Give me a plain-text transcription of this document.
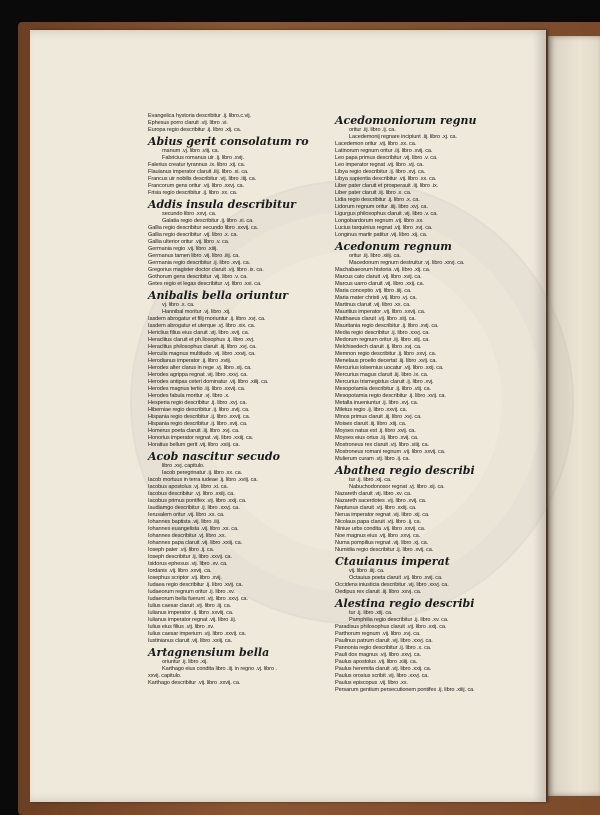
Evangelica hystoria describitur .ij. libro.c.vij.
Ephesus porro claruit .vij. libro .vi.
Europa regio describitur .ij. libro .xij. ca.
Abius gerit consolatum ro
manum .vj. libro .viij. ca.
Fabricius romanus uir .ij. libro .xvij.
Falerius creatur tyrannus .ix. libro .xij. ca.
Flauianus imperator claruit .iiij. libro .xi. ca.
Francus uir nobilis describitur .vij. libro .iiij. ca.
Francorum gens oritur .vij. libro .xxvj. ca.
Frisia regio describitur .ij. libro .xx. ca.
Addis insula describitur
secundo libro .xxvj. ca.
Galatia regio describitur .ij. libro .xi. ca.
Gallia regio describitur secundo libro .xxvij. ca.
Gallia regio describitur .vij. libro .x. ca.
Gallia ulterior oritur .vij. libro .v. ca.
Germania regio .vij. libro .xiiij.
Germanus tamen libro .vij. libro .iiij. ca.
Germania regio describitur .ij. libro .xvij. ca.
Gregorius magister doctor claruit .vij. libro .ix. ca.
Gothorum gens describitur .vij. libro .v. ca.
Getes regio et legas describitur .vj. libro .xxi. ca.
Anibalis bella oriuntur
vj. libro .x. ca.
Hannibal moritur .vj. libro .xij.
Iasdem abrogatur et filij moriuntur .ij. libro .xvj. ca.
Iasdem abrogatur et uterque .vj. libro .xix. ca.
Hericlius filius eius claruit .vij. libro .xvij. ca.
Heraclitus claruit et ph.llosophus .ij. libro .xvj.
Heraclitus philosophus claruit .iij. libro .xvj. ca.
Herculis magnus multitudo .vij. libro .xxvij. ca.
Herodianus imperator .ij. libro .xviij.
Herodes alter clarus in rege .vj. libro .xij. ca.
Herodes agrippa regnat .vij. libro .xxvj. ca.
Herodes antipas ceteri dominatur .vij. libro .xiiij. ca.
Herodes magnus tertio .iij. libro .xxvij. ca.
Herodes fabula moritur .vj. libro .x.
Hesperia regio describitur .ij. libro .xvj. ca.
Hiberniae regio describitur .ij. libro .xvij. ca.
Hispania regio describitur .ij. libro .xxvij. ca.
Hispania regio describitur .ij. libro .xvij. ca.
Homerus poeta claruit .iij. libro .xvj. ca.
Honorius imperator regnat .vij. libro .xxiij. ca.
Horatius bellum gerit .vij. libro .xxiij. ca.
Acob nascitur secudo
libro .xvj. capitulo.
Iacob peregrinatur .ij. libro .xx. ca.
Iacob mortuus in terra iudeae .ij. libro .xviij. ca.
Iacobus apostolus .vj. libro .xi. ca.
Iacobus describitur .vj. libro .xxiij. ca.
Iacobus primus pontifex .vij. libro .xxij. ca.
Iaudiamgo describitur .ij. libro .xxvj. ca.
Ierusalem oritur .vij. libro .xx. ca.
Iohannes baptista .vij. libro .iiij.
Iohannes euangelista .vij. libro .xx. ca.
Iohannes describitur .vj. libro .xx.
Iohannes papa claruit .vij. libro .xxiij. ca.
Ioseph pater .vij. libro .ij. ca.
Ioseph describitur .ij. libro .xxvij. ca.
Isidorus ephesus .vij. libro .xv. ca.
Iordanis .vij. libro .xxvij. ca.
Iosephus scriptor .vij. libro .xvij.
Iudaea regio describitur .ij. libro .xvij. ca.
Iudaeorum regnum oritur .ij. libro .xv.
Iudaeorum bella fuerunt .vij. libro .xxvj. ca.
Iulius caesar claruit .vij. libro .iij. ca.
Iulianus imperator .ij. libro .xxviij. ca.
Iulianus imperator regnat .vij. libro .iij.
Iulius eius filius .vij. libro .xv.
Iulius caesar imperium .vij. libro .xxvij. ca.
Iustinianus claruit .vij. libro .xxiij. ca.
Artagnensium bella
oriuntur .ij. libro .xij.
Karthago eius condita libro .iij. in regno .vj. libro .
xxvij. capitulo.
Karthago describitur .vij. libro .xxvij. ca.
Acedomoniorum regnu
oritur .iij. libro .ij. ca.
Lacedemonij regnare incipiunt .iij. libro .xj. ca.
Lacedemon oritur .vij. libro .xx. ca.
Latinorum regnum oritur .iij. libro .xvij. ca.
Leo papa primus describitur .vij. libro .v. ca.
Leo imperator regnat .vij. libro .vij. ca.
Libya regio describitur .ij. libro .xvj. ca.
Libya sapientia describitur .vij. libro .xx. ca.
Liber pater claruit et prosperauit .iij. libro .ix.
Liber pater claruit .iij. libro .x. ca.
Lidia regio describitur .ij. libro .x. ca.
Lidorum regnum oritur .iiij. libro .xvj. ca.
Ligurgus philosophus claruit .vij. libro .v. ca.
Longobardorum regnum .vij. libro .xx.
Lucius tarquinius regnat .vij. libro .xvj. ca.
Longinus martir patitur .vij. libro .xij. ca.
Acedonum regnum
oritur .iij. libro .xiiij. ca.
Macedonum regnum destruitur .vj. libro .xxvj. ca.
Machabaeorum historia .vij. libro .xij. ca.
Marcus cato claruit .vij. libro .xvij. ca.
Marcus uarro claruit .vij. libro .xxij. ca.
Maria conceptio .vij. libro .iiij. ca.
Maria mater christi .vij. libro .vj. ca.
Martinus claruit .vij. libro .xx. ca.
Mauritius imperator .vij. libro .xxvij. ca.
Matthaeus claruit .vij. libro .xiij. ca.
Mauritania regio describitur .ij. libro .xvij. ca.
Media regio describitur .ij. libro .xxvj. ca.
Medorum regnum oritur .iij. libro .xiij. ca.
Melchisedech claruit .ij. libro .xvj. ca.
Memnon regio describitur .ij. libro .xxvj. ca.
Menelaus proelio decertat .iij. libro .xvij. ca.
Mercurius iolsemius uocatur .vij. libro .xxij. ca.
Mercurius magus claruit .iij. libro .ix. ca.
Mercurius trismegistus claruit .ij. libro .xvj.
Mesopotamia describitur .ij. libro .viij. ca.
Mesopotamia regio describitur .ij. libro .xvij. ca.
Metalla inueniuntur .ij. libro .xvj. ca.
Miletus regio .ij. libro .xxvij. ca.
Minos primus claruit .iij. libro .xvj. ca.
Moises claruit .iij. libro .xiij. ca.
Moyses natus est .ij. libro .xvij. ca.
Moyses eius ortus .iij. libro .xvij. ca.
Mostroneus rex claruit .vij. libro .xiiij. ca.
Mostroneus romani regnum .vij. libro .xxvij. ca.
Mulierum curam .vij. libro .ij. ca.
Abathea regio describi
tur .ij. libro .xij. ca.
Nabuchodonosor regnat .vj. libro .xij. ca.
Nazareth claruit .vij. libro .xv. ca.
Nazareth sacerdotes .vij. libro .xvij. ca.
Neptunus claruit .vij. libro .xxiij. ca.
Nerua imperator regnat .vij. libro .xij. ca.
Nicolaus papa claruit .vij. libro .ij. ca.
Niniue urbs condita .vij. libro .xxvij. ca.
Noe magnus eius .vij. libro .xxvj. ca.
Numa pompilius regnat .vij. libro .xj. ca.
Numidia regio describitur .ij. libro .xvij. ca.
Ctauianus imperat
vij. libro .iiij. ca.
Octauius poeta claruit .vij. libro .xvij. ca.
Occidens iniusticia describitur .vij. libro .xxvj. ca.
Oedipus rex claruit .iij. libro .xxvj. ca.
Alestina regio describi
tur .ij. libro .xiij. ca.
Pamphilia regio describitur .ij. libro .xv. ca.
Paradisus philosophus claruit .vij. libro .xxij. ca.
Parthorum regnum .vij. libro .xvj. ca.
Paulinus patrum claruit .vij. libro .xxvj. ca.
Pannonia regio describitur .ij. libro .x. ca.
Pauli dos magnus .vij. libro .xxvj. ca.
Paulus apostolus .vij. libro .xiiij. ca.
Paulus heremita claruit .vij. libro .xxij. ca.
Paulus orosius scribit .vij. libro .xxvj. ca.
Paulus episcopus .vij. libro .xx.
Persarum gentium persecutionem pontifex .ij. libro .xiiij. ca.
